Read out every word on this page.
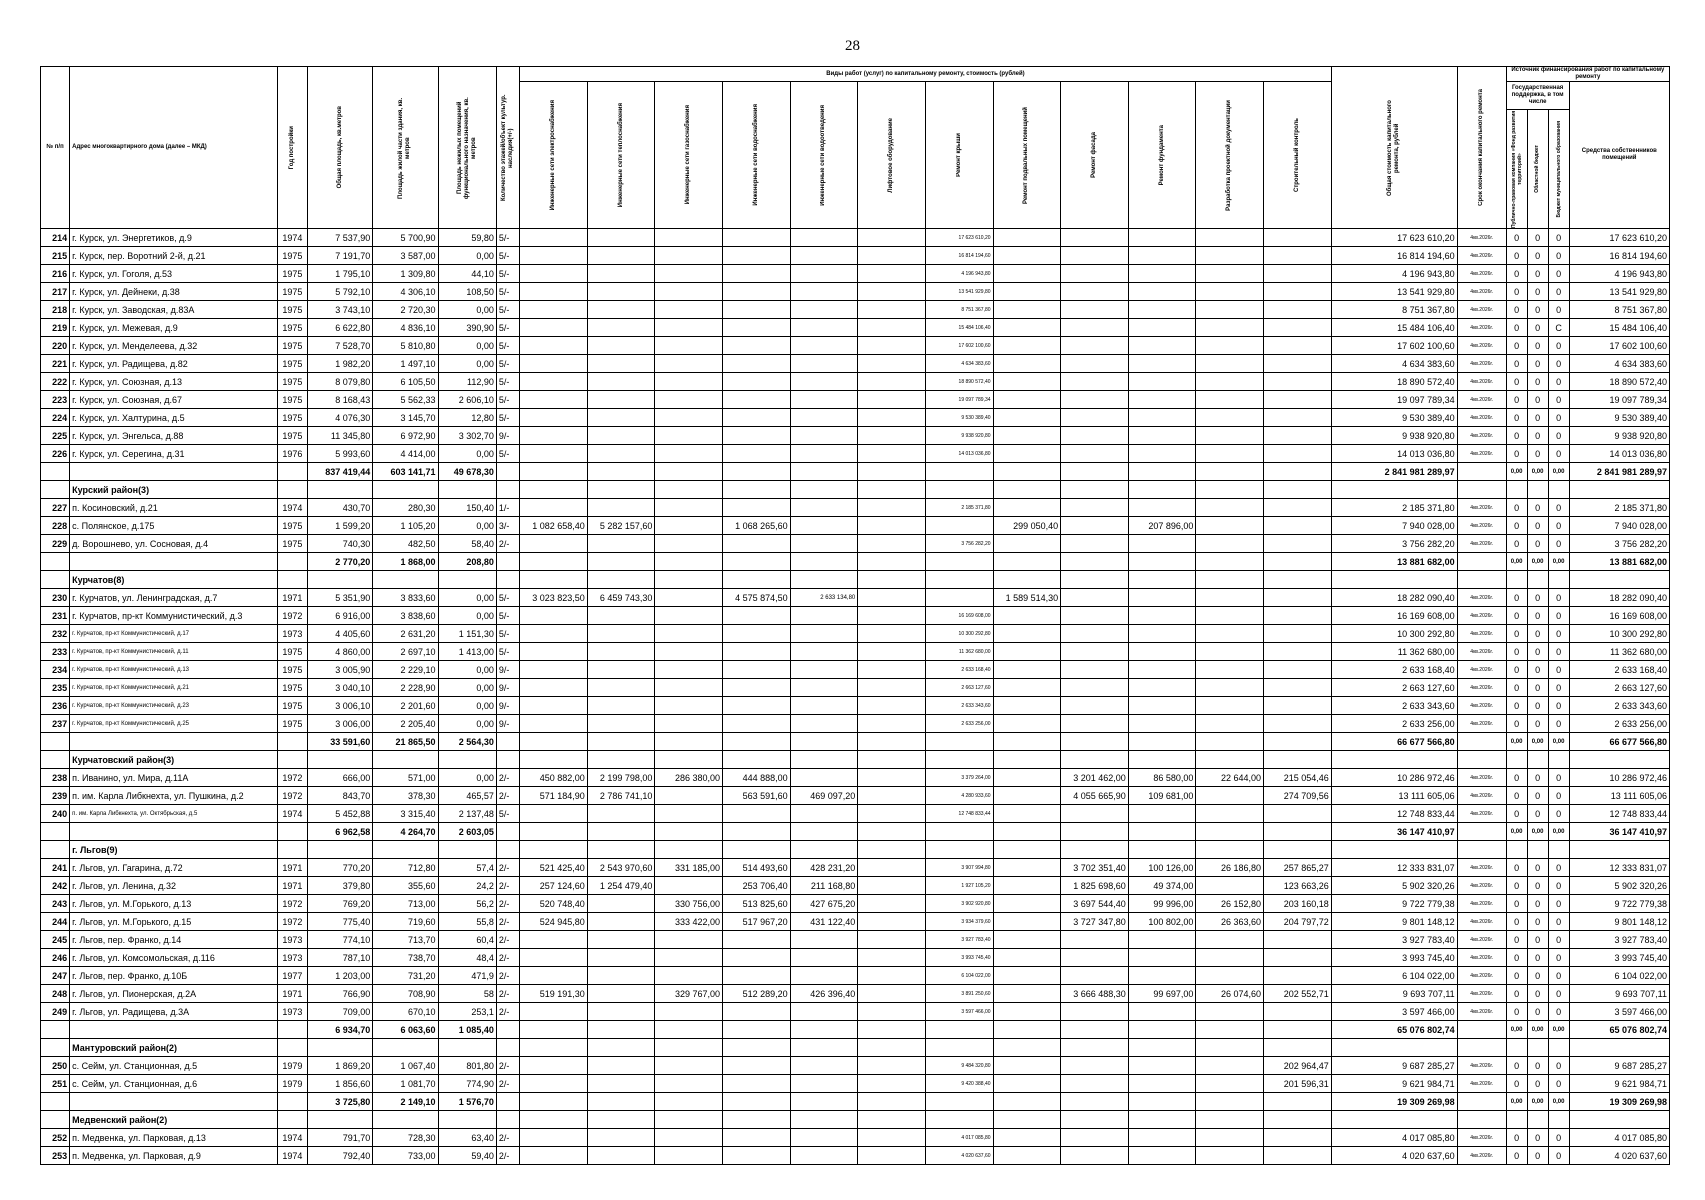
28
№ п/п	Адрес многоквартирного дома (далее – МКД)	Год постройки	Общая площадь, кв.метров	Площадь жилой части здания, кв. метров	Площадь нежилых помещений функционального назначения, кв. метров	Количество этажей/объект культур. наследия(+/-)	Виды работ (услуг) по капитальному ремонту, стоимость (рублей)												Общая стоимость капитального ремонта, рублей	Срок окончания капитального ремонта	Источник финансирования работ по капитальному ремонту			

							Инженерные сети электроснабжения	Инженерные сети теплоснабжения	Инженерные сети газоснабжения	Инженерные сети водоснабжения	Инженерные сети водоотведения	Лифтовое оборудование	Ремонт крыши	Ремонт подвальных помещений	Ремонт фасада	Ремонт фундамента	Разработка проектной документации	Строительный контроль			Государственная поддержка, в том числе			Средства собственников помещений

																					Публично-правовая компания «Фонд развития территорий»	Областной бюджет	Бюджет муниципального образования	

214	г. Курск, ул. Энергетиков, д.9	1974	7 537,90	5 700,90	59,80	5/-							17 623 610,20						17 623 610,20	4кв.2026г.	0	0	0	17 623 610,20
215	г. Курск, пер. Воротний 2-й, д.21	1975	7 191,70	3 587,00	0,00	5/-							16 814 194,60						16 814 194,60	4кв.2026г.	0	0	0	16 814 194,60
216	г. Курск, ул. Гоголя, д.53	1975	1 795,10	1 309,80	44,10	5/-							4 196 943,80						4 196 943,80	4кв.2026г.	0	0	0	4 196 943,80
217	г. Курск, ул. Дейнеки, д.38	1975	5 792,10	4 306,10	108,50	5/-							13 541 929,80						13 541 929,80	4кв.2026г.	0	0	0	13 541 929,80
218	г. Курск, ул. Заводская, д.83А	1975	3 743,10	2 720,30	0,00	5/-							8 751 367,80						8 751 367,80	4кв.2026г.	0	0	0	8 751 367,80
219	г. Курск, ул. Межевая, д.9	1975	6 622,80	4 836,10	390,90	5/-							15 484 106,40						15 484 106,40	4кв.2026г.	0	0	С	15 484 106,40
220	г. Курск, ул. Менделеева, д.32	1975	7 528,70	5 810,80	0,00	5/-							17 602 100,60						17 602 100,60	4кв.2026г.	0	0	0	17 602 100,60
221	г. Курск, ул. Радищева, д.82	1975	1 982,20	1 497,10	0,00	5/-							4 634 383,60						4 634 383,60	4кв.2026г.	0	0	0	4 634 383,60
222	г. Курск, ул. Союзная, д.13	1975	8 079,80	6 105,50	112,90	5/-							18 890 572,40						18 890 572,40	4кв.2026г.	0	0	0	18 890 572,40
223	г. Курск, ул. Союзная, д.67	1975	8 168,43	5 562,33	2 606,10	5/-							19 097 789,34						19 097 789,34	4кв.2026г.	0	0	0	19 097 789,34
224	г. Курск, ул. Халтурина, д.5	1975	4 076,30	3 145,70	12,80	5/-							9 530 389,40						9 530 389,40	4кв.2026г.	0	0	0	9 530 389,40
225	г. Курск, ул. Энгельса, д.88	1975	11 345,80	6 972,90	3 302,70	9/-							9 938 920,80						9 938 920,80	4кв.2026г.	0	0	0	9 938 920,80
226	г. Курск, ул. Серегина, д.31	1976	5 993,60	4 414,00	0,00	5/-							14 013 036,80						14 013 036,80	4кв.2026г.	0	0	0	14 013 036,80
			837 419,44	603 141,71	49 678,30														2 841 981 289,97		0,00	0,00	0,00	2 841 981 289,97
	Курский район(3)																							
227	п. Косиновский, д.21	1974	430,70	280,30	150,40	1/-							2 185 371,80						2 185 371,80	4кв.2026г.	0	0	0	2 185 371,80
228	с. Полянское, д.175	1975	1 599,20	1 105,20	0,00	3/-	1 082 658,40	5 282 157,60		1 068 265,60				299 050,40		207 896,00			7 940 028,00	4кв.2026г.	0	0	0	7 940 028,00
229	д. Ворошнево, ул. Сосновая, д.4	1975	740,30	482,50	58,40	2/-							3 756 282,20						3 756 282,20	4кв.2026г.	0	0	0	3 756 282,20
			2 770,20	1 868,00	208,80														13 881 682,00		0,00	0,00	0,00	13 881 682,00
	Курчатов(8)																							
230	г. Курчатов, ул. Ленинградская, д.7	1971	5 351,90	3 833,60	0,00	5/-	3 023 823,50	6 459 743,30		4 575 874,50	2 633 134,80			1 589 514,30					18 282 090,40	4кв.2026г.	0	0	0	18 282 090,40
231	г. Курчатов, пр-кт Коммунистический, д.3	1972	6 916,00	3 838,60	0,00	5/-							16 169 608,00						16 169 608,00	4кв.2026г.	0	0	0	16 169 608,00
232	г. Курчатов, пр-кт Коммунистический, д.17	1973	4 405,60	2 631,20	1 151,30	5/-							10 300 292,80						10 300 292,80	4кв.2026г.	0	0	0	10 300 292,80
233	г. Курчатов, пр-кт Коммунистический, д.11	1975	4 860,00	2 697,10	1 413,00	5/-							11 362 680,00						11 362 680,00	4кв.2026г.	0	0	0	11 362 680,00
234	г. Курчатов, пр-кт Коммунистический, д.13	1975	3 005,90	2 229,10	0,00	9/-							2 633 168,40						2 633 168,40	4кв.2026г.	0	0	0	2 633 168,40
235	г. Курчатов, пр-кт Коммунистический, д.21	1975	3 040,10	2 228,90	0,00	9/-							2 663 127,60						2 663 127,60	4кв.2026г.	0	0	0	2 663 127,60
236	г. Курчатов, пр-кт Коммунистический, д.23	1975	3 006,10	2 201,60	0,00	9/-							2 633 343,60						2 633 343,60	4кв.2026г.	0	0	0	2 633 343,60
237	г. Курчатов, пр-кт Коммунистический, д.25	1975	3 006,00	2 205,40	0,00	9/-							2 633 256,00						2 633 256,00	4кв.2026г.	0	0	0	2 633 256,00
			33 591,60	21 865,50	2 564,30														66 677 566,80		0,00	0,00	0,00	66 677 566,80
	Курчатовский район(3)																							
238	п. Иванино, ул. Мира, д.11А	1972	666,00	571,00	0,00	2/-	450 882,00	2 199 798,00	286 380,00	444 888,00			3 379 264,00		3 201 462,00	86 580,00	22 644,00	215 054,46	10 286 972,46	4кв.2026г.	0	0	0	10 286 972,46
239	п. им. Карла Либкнехта, ул. Пушкина, д.2	1972	843,70	378,30	465,57	2/-	571 184,90	2 786 741,10		563 591,60	469 097,20		4 280 933,60		4 055 665,90	109 681,00		274 709,56	13 111 605,06	4кв.2026г.	0	0	0	13 111 605,06
240	п. им. Карла Либкнехта, ул. Октябрьская, д.5	1974	5 452,88	3 315,40	2 137,48	5/-							12 748 833,44						12 748 833,44	4кв.2026г.	0	0	0	12 748 833,44
			6 962,58	4 264,70	2 603,05														36 147 410,97		0,00	0,00	0,00	36 147 410,97
	г. Льгов(9)																							
241	г. Льгов, ул. Гагарина, д.72	1971	770,20	712,80	57,4	2/-	521 425,40	2 543 970,60	331 185,00	514 493,60	428 231,20		3 907 994,80		3 702 351,40	100 126,00	26 186,80	257 865,27	12 333 831,07	4кв.2026г.	0	0	0	12 333 831,07
242	г. Льгов, ул. Ленина, д.32	1971	379,80	355,60	24,2	2/-	257 124,60	1 254 479,40		253 706,40	211 168,80		1 927 105,20		1 825 698,60	49 374,00		123 663,26	5 902 320,26	4кв.2026г.	0	0	0	5 902 320,26
243	г. Льгов, ул. М.Горького, д.13	1972	769,20	713,00	56,2	2/-	520 748,40		330 756,00	513 825,60	427 675,20		3 902 920,80		3 697 544,40	99 996,00	26 152,80	203 160,18	9 722 779,38	4кв.2026г.	0	0	0	9 722 779,38
244	г. Льгов, ул. М.Горького, д.15	1972	775,40	719,60	55,8	2/-	524 945,80		333 422,00	517 967,20	431 122,40		3 934 379,60		3 727 347,80	100 802,00	26 363,60	204 797,72	9 801 148,12	4кв.2026г.	0	0	0	9 801 148,12
245	г. Льгов, пер. Франко, д.14	1973	774,10	713,70	60,4	2/-							3 927 783,40						3 927 783,40	4кв.2026г.	0	0	0	3 927 783,40
246	г. Льгов, ул. Комсомольская, д.116	1973	787,10	738,70	48,4	2/-							3 993 745,40						3 993 745,40	4кв.2026г.	0	0	0	3 993 745,40
247	г. Льгов, пер. Франко, д.10Б	1977	1 203,00	731,20	471,9	2/-							6 104 022,00						6 104 022,00	4кв.2026г.	0	0	0	6 104 022,00
248	г. Льгов, ул. Пионерская, д.2А	1971	766,90	708,90	58	2/-	519 191,30		329 767,00	512 289,20	426 396,40		3 891 250,60		3 666 488,30	99 697,00	26 074,60	202 552,71	9 693 707,11	4кв.2026г.	0	0	0	9 693 707,11
249	г. Льгов, ул. Радищева, д.3А	1973	709,00	670,10	253,1	2/-							3 597 466,00						3 597 466,00	4кв.2026г.	0	0	0	3 597 466,00
			6 934,70	6 063,60	1 085,40														65 076 802,74		0,00	0,00	0,00	65 076 802,74
	Мантуровский район(2)																							
250	с. Сейм, ул. Станционная, д.5	1979	1 869,20	1 067,40	801,80	2/-							9 484 320,80					202 964,47	9 687 285,27	4кв.2026г.	0	0	0	9 687 285,27
251	с. Сейм, ул. Станционная, д.6	1979	1 856,60	1 081,70	774,90	2/-							9 420 388,40					201 596,31	9 621 984,71	4кв.2026г.	0	0	0	9 621 984,71
			3 725,80	2 149,10	1 576,70														19 309 269,98		0,00	0,00	0,00	19 309 269,98
	Медвенский район(2)																							
252	п. Медвенка, ул. Парковая, д.13	1974	791,70	728,30	63,40	2/-							4 017 085,80						4 017 085,80	4кв.2026г.	0	0	0	4 017 085,80
253	п. Медвенка, ул. Парковая, д.9	1974	792,40	733,00	59,40	2/-							4 020 637,60						4 020 637,60	4кв.2026г.	0	0	0	4 020 637,60
